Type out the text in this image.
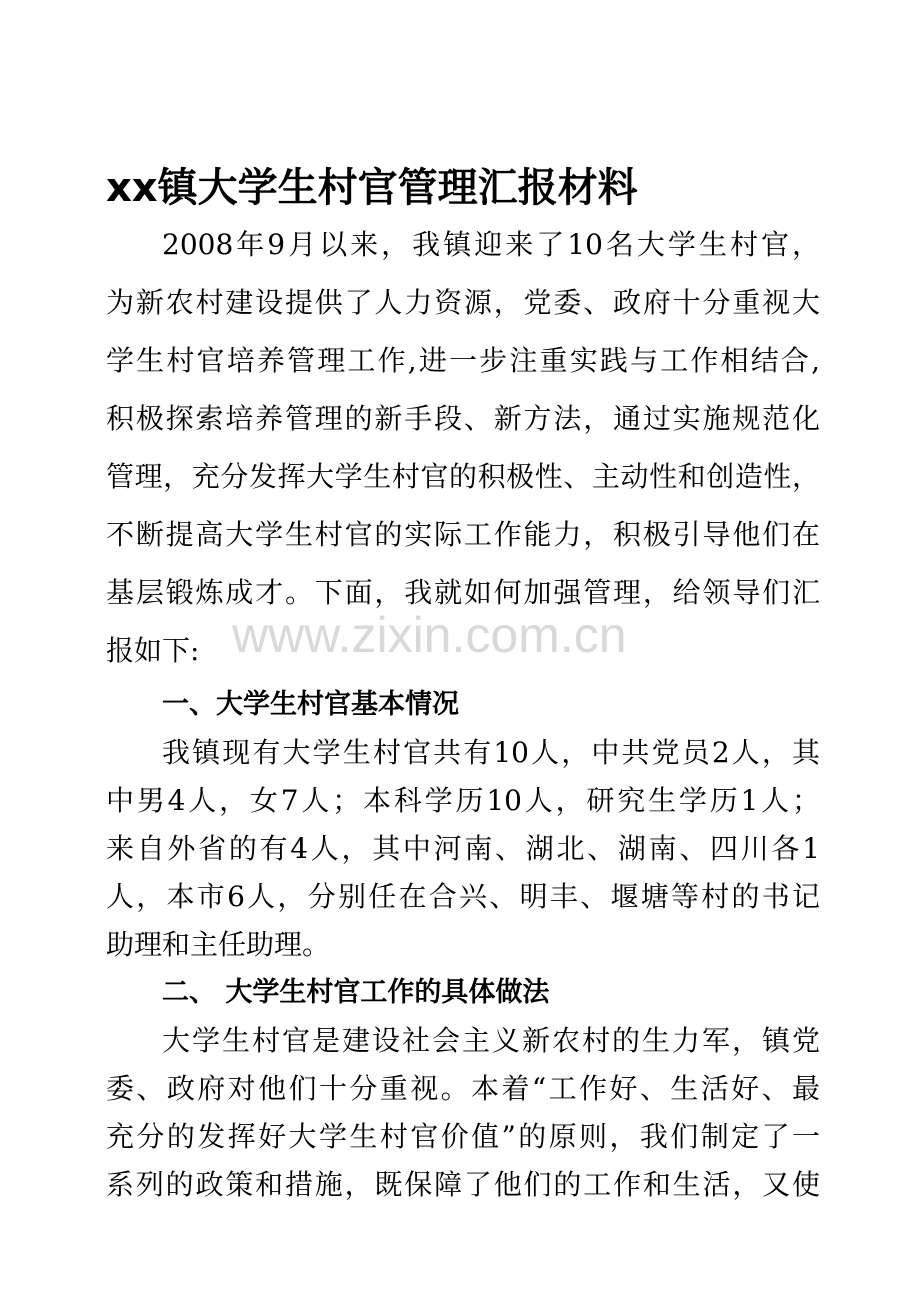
xx镇大学生村官管理汇报材料
2008年9月以来，我镇迎来了10名大学生村官，
为新农村建设提供了人力资源，党委、政府十分重视大
学生村官培养管理工作,进一步注重实践与工作相结合,
积极探索培养管理的新手段、新方法，通过实施规范化
管理，充分发挥大学生村官的积极性、主动性和创造性，
不断提高大学生村官的实际工作能力，积极引导他们在
基层锻炼成才。下面，我就如何加强管理，给领导们汇
报如下:
一、大学生村官基本情况
我镇现有大学生村官共有10人，中共党员2人，其
中男4人，女7人；本科学历10人，研究生学历1人；
来自外省的有4人，其中河南、湖北、湖南、四川各1
人，本市6人，分别任在合兴、明丰、堰塘等村的书记
助理和主任助理。
二、 大学生村官工作的具体做法
大学生村官是建设社会主义新农村的生力军，镇党
委、政府对他们十分重视。本着“工作好、生活好、最
充分的发挥好大学生村官价值”的原则，我们制定了一
系列的政策和措施，既保障了他们的工作和生活，又使
www.zixin.com.cn
